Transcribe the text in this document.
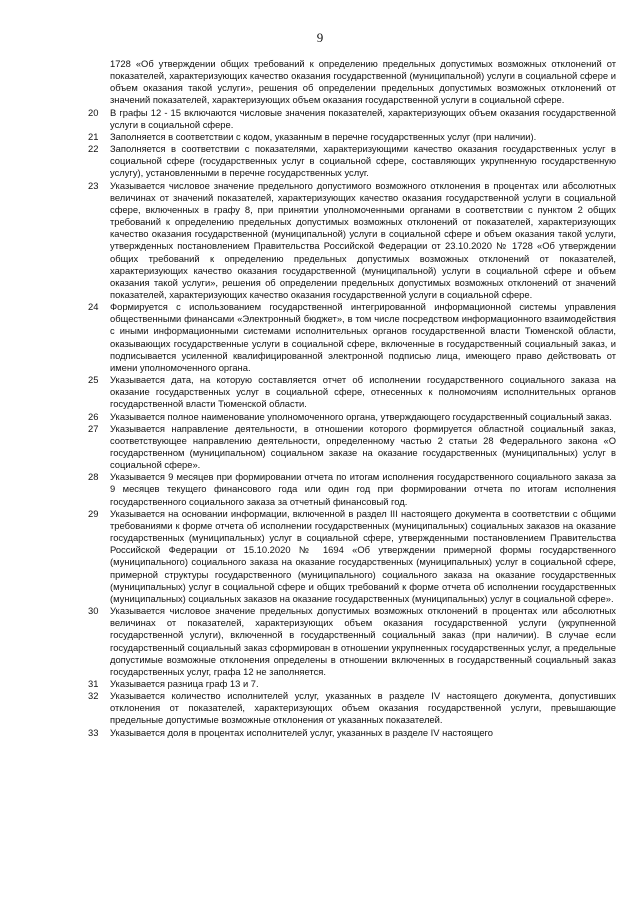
9
1728 «Об утверждении общих требований к определению предельных допустимых возможных отклонений от показателей, характеризующих качество оказания государственной (муниципальной) услуги в социальной сфере и объем оказания такой услуги», решения об определении предельных допустимых возможных отклонений от значений показателей, характеризующих объем оказания государственной услуги в социальной сфере.
20	В графы 12 - 15 включаются числовые значения показателей, характеризующих объем оказания государственной услуги в социальной сфере.
21	Заполняется в соответствии с кодом, указанным в перечне государственных услуг (при наличии).
22	Заполняется в соответствии с показателями, характеризующими качество оказания государственных услуг в социальной сфере (государственных услуг в социальной сфере, составляющих укрупненную государственную услугу), установленными в перечне государственных услуг.
23	Указывается числовое значение предельного допустимого возможного отклонения в процентах или абсолютных величинах от значений показателей, характеризующих качество оказания государственной услуги в социальной сфере, включенных в графу 8, при принятии уполномоченными органами в соответствии с пунктом 2 общих требований к определению предельных допустимых возможных отклонений от показателей, характеризующих качество оказания государственной (муниципальной) услуги в социальной сфере и объем оказания такой услуги, утвержденных постановлением Правительства Российской Федерации от 23.10.2020 № 1728 «Об утверждении общих требований к определению предельных допустимых возможных отклонений от показателей, характеризующих качество оказания государственной (муниципальной) услуги в социальной сфере и объем оказания такой услуги», решения об определении предельных допустимых возможных отклонений от значений показателей, характеризующих качество оказания государственной услуги в социальной сфере.
24	Формируется с использованием государственной интегрированной информационной системы управления общественными финансами «Электронный бюджет», в том числе посредством информационного взаимодействия с иными информационными системами исполнительных органов государственной власти Тюменской области, оказывающих государственные услуги в социальной сфере, включенные в государственный социальный заказ, и подписывается усиленной квалифицированной электронной подписью лица, имеющего право действовать от имени уполномоченного органа.
25	Указывается дата, на которую составляется отчет об исполнении государственного социального заказа на оказание государственных услуг в социальной сфере, отнесенных к полномочиям исполнительных органов государственной власти Тюменской области.
26	Указывается полное наименование уполномоченного органа, утверждающего государственный социальный заказ.
27	Указывается направление деятельности, в отношении которого формируется областной социальный заказ, соответствующее направлению деятельности, определенному частью 2 статьи 28 Федерального закона «О государственном (муниципальном) социальном заказе на оказание государственных (муниципальных) услуг в социальной сфере».
28	Указывается 9 месяцев при формировании отчета по итогам исполнения государственного социального заказа за 9 месяцев текущего финансового года или один год при формировании отчета по итогам исполнения государственного социального заказа за отчетный финансовый год.
29	Указывается на основании информации, включенной в раздел III настоящего документа в соответствии с общими требованиями к форме отчета об исполнении государственных (муниципальных) социальных заказов на оказание государственных (муниципальных) услуг в социальной сфере, утвержденными постановлением Правительства Российской Федерации от 15.10.2020 № 1694 «Об утверждении примерной формы государственного (муниципального) социального заказа на оказание государственных (муниципальных) услуг в социальной сфере, примерной структуры государственного (муниципального) социального заказа на оказание государственных (муниципальных) услуг в социальной сфере и общих требований к форме отчета об исполнении государственных (муниципальных) социальных заказов на оказание государственных (муниципальных) услуг в социальной сфере».
30	Указывается числовое значение предельных допустимых возможных отклонений в процентах или абсолютных величинах от показателей, характеризующих объем оказания государственной услуги (укрупненной государственной услуги), включенной в государственный социальный заказ (при наличии). В случае если государственный социальный заказ сформирован в отношении укрупненных государственных услуг, а предельные допустимые возможные отклонения определены в отношении включенных в государственный социальный заказ государственных услуг, графа 12 не заполняется.
31	Указывается разница граф 13 и 7.
32	Указывается количество исполнителей услуг, указанных в разделе IV настоящего документа, допустивших отклонения от показателей, характеризующих объем оказания государственной услуги, превышающие предельные допустимые возможные отклонения от указанных показателей.
33	Указывается доля в процентах исполнителей услуг, указанных в разделе IV настоящего
